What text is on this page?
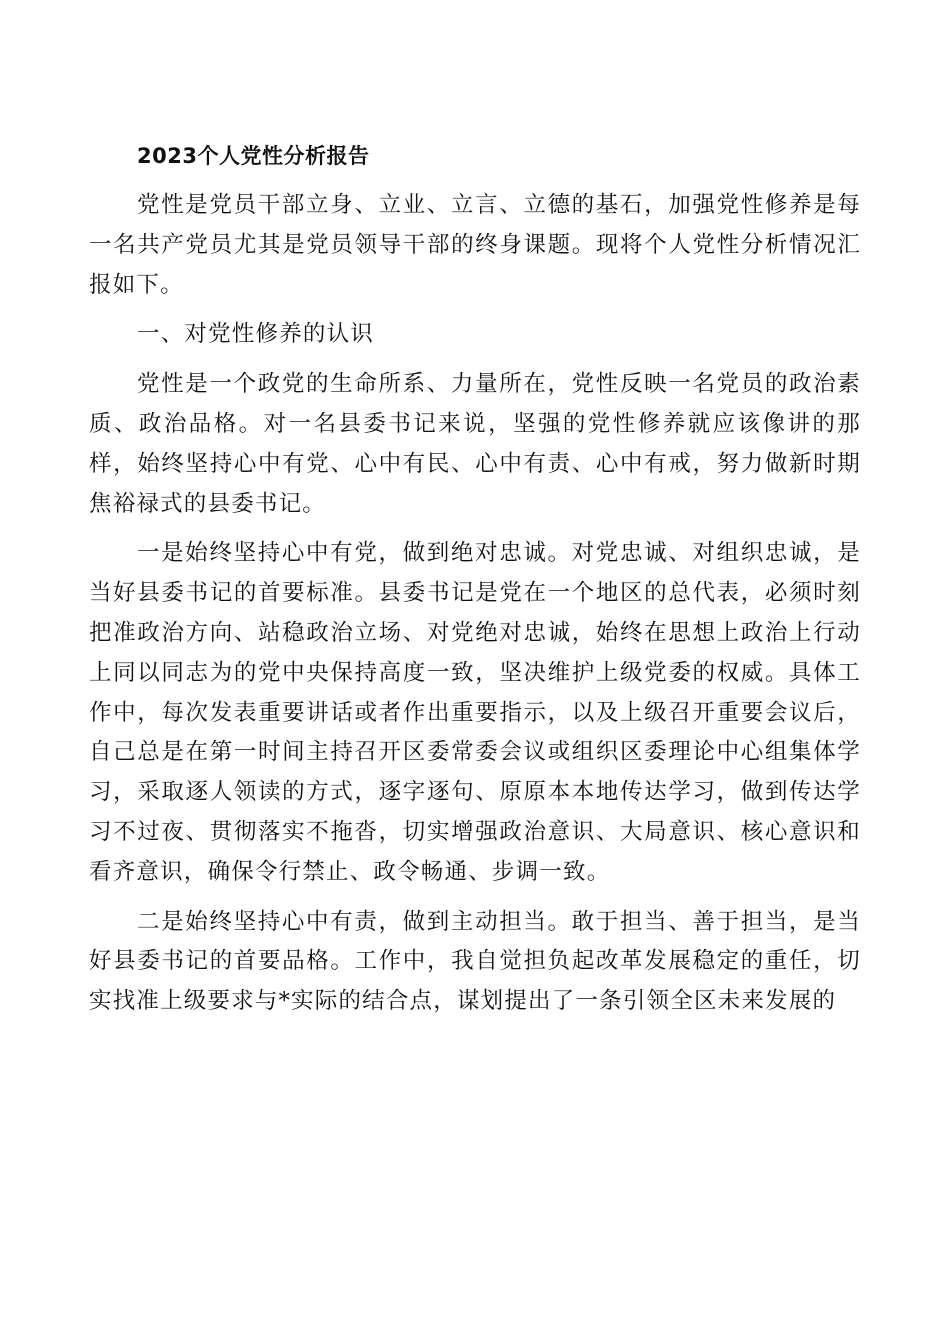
2023个人党性分析报告

党性是党员干部立身、立业、立言、立德的基石，加强党性修养是每一名共产党员尤其是党员领导干部的终身课题。现将个人党性分析情况汇报如下。

一、对党性修养的认识

党性是一个政党的生命所系、力量所在，党性反映一名党员的政治素质、政治品格。对一名县委书记来说，坚强的党性修养就应该像讲的那样，始终坚持心中有党、心中有民、心中有责、心中有戒，努力做新时期焦裕禄式的县委书记。

一是始终坚持心中有党，做到绝对忠诚。对党忠诚、对组织忠诚，是当好县委书记的首要标准。县委书记是党在一个地区的总代表，必须时刻把准政治方向、站稳政治立场、对党绝对忠诚，始终在思想上政治上行动上同以同志为的党中央保持高度一致，坚决维护上级党委的权威。具体工作中，每次发表重要讲话或者作出重要指示，以及上级召开重要会议后，自己总是在第一时间主持召开区委常委会议或组织区委理论中心组集体学习，采取逐人领读的方式，逐字逐句、原原本本地传达学习，做到传达学习不过夜、贯彻落实不拖沓，切实增强政治意识、大局意识、核心意识和看齐意识，确保令行禁止、政令畅通、步调一致。

二是始终坚持心中有责，做到主动担当。敢于担当、善于担当，是当好县委书记的首要品格。工作中，我自觉担负起改革发展稳定的重任，切实找准上级要求与*实际的结合点，谋划提出了一条引领全区未来发展的
